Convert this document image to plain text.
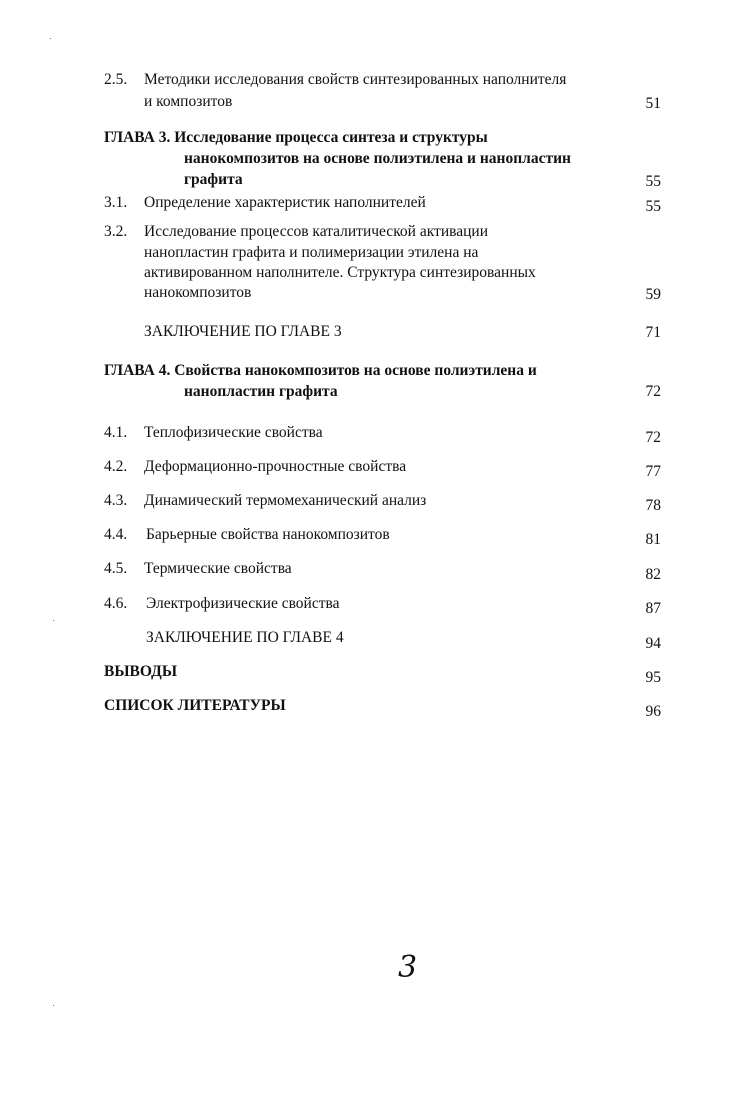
2.5. Методики исследования свойств синтезированных наполнителя
и композитов	51
ГЛАВА 3. Исследование процесса синтеза и структуры
нанокомпозитов на основе полиэтилена и нанопластин
графита	55
3.1. Определение характеристик наполнителей	55
3.2. Исследование процессов каталитической активации
нанопластин графита и полимеризации этилена на
активированном наполнителе. Структура синтезированных
нанокомпозитов	59
ЗАКЛЮЧЕНИЕ ПО ГЛАВЕ 3	71
ГЛАВА 4. Свойства нанокомпозитов на основе полиэтилена и
нанопластин графита	72
4.1. Теплофизические свойства	72
4.2. Деформационно-прочностные свойства	77
4.3. Динамический термомеханический анализ	78
4.4. Барьерные свойства нанокомпозитов	81
4.5. Термические свойства	82
4.6. Электрофизические свойства	87
ЗАКЛЮЧЕНИЕ ПО ГЛАВЕ 4	94
ВЫВОДЫ	95
СПИСОК ЛИТЕРАТУРЫ	96
3
